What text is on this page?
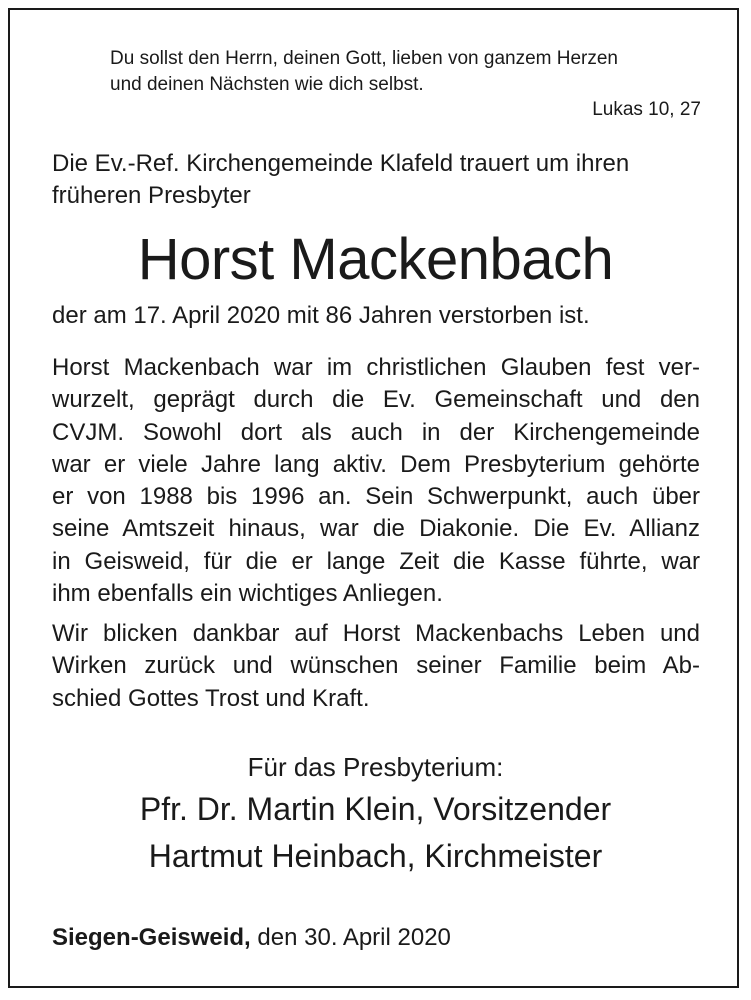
Du sollst den Herrn, deinen Gott, lieben von ganzem Herzen
und deinen Nächsten wie dich selbst.
Lukas 10, 27
Die Ev.-Ref. Kirchengemeinde Klafeld trauert um ihren
früheren Presbyter
Horst Mackenbach
der am 17. April 2020 mit 86 Jahren verstorben ist.
Horst Mackenbach war im christlichen Glauben fest ver-
wurzelt, geprägt durch die Ev. Gemeinschaft und den
CVJM. Sowohl dort als auch in der Kirchengemeinde
war er viele Jahre lang aktiv. Dem Presbyterium gehörte
er von 1988 bis 1996 an. Sein Schwerpunkt, auch über
seine Amtszeit hinaus, war die Diakonie. Die Ev. Allianz
in Geisweid, für die er lange Zeit die Kasse führte, war
ihm ebenfalls ein wichtiges Anliegen.
Wir blicken dankbar auf Horst Mackenbachs Leben und
Wirken zurück und wünschen seiner Familie beim Ab-
schied Gottes Trost und Kraft.
Für das Presbyterium:
Pfr. Dr. Martin Klein, Vorsitzender
Hartmut Heinbach, Kirchmeister
Siegen-Geisweid, den 30. April 2020
